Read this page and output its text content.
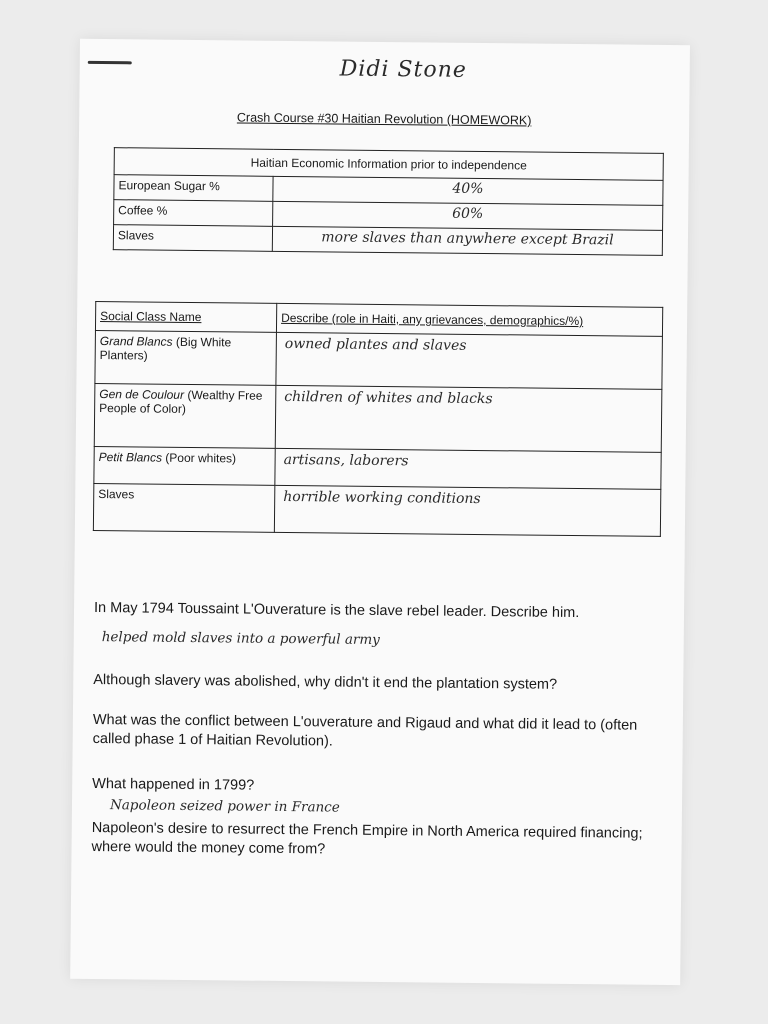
Didi Stone
Crash Course #30 Haitian Revolution (HOMEWORK)
Haitian Economic Information prior to independence	
European Sugar %	40%
Coffee %	60%
Slaves	more slaves than anywhere except Brazil
Social Class Name	Describe (role in Haiti, any grievances, demographics/%)
Grand Blancs (Big White Planters)	owned plantes and slaves
Gen de Coulour (Wealthy Free People of Color)	children of whites and blacks
Petit Blancs (Poor whites)	artisans, laborers
Slaves	horrible working conditions
In May 1794 Toussaint L'Ouverature is the slave rebel leader. Describe him.
helped mold slaves into a powerful army
Although slavery was abolished, why didn't it end the plantation system?
What was the conflict between L'ouverature and Rigaud and what did it lead to (often called phase 1 of Haitian Revolution).
What happened in 1799?
Napoleon seized power in France
Napoleon's desire to resurrect the French Empire in North America required financing; where would the money come from?
